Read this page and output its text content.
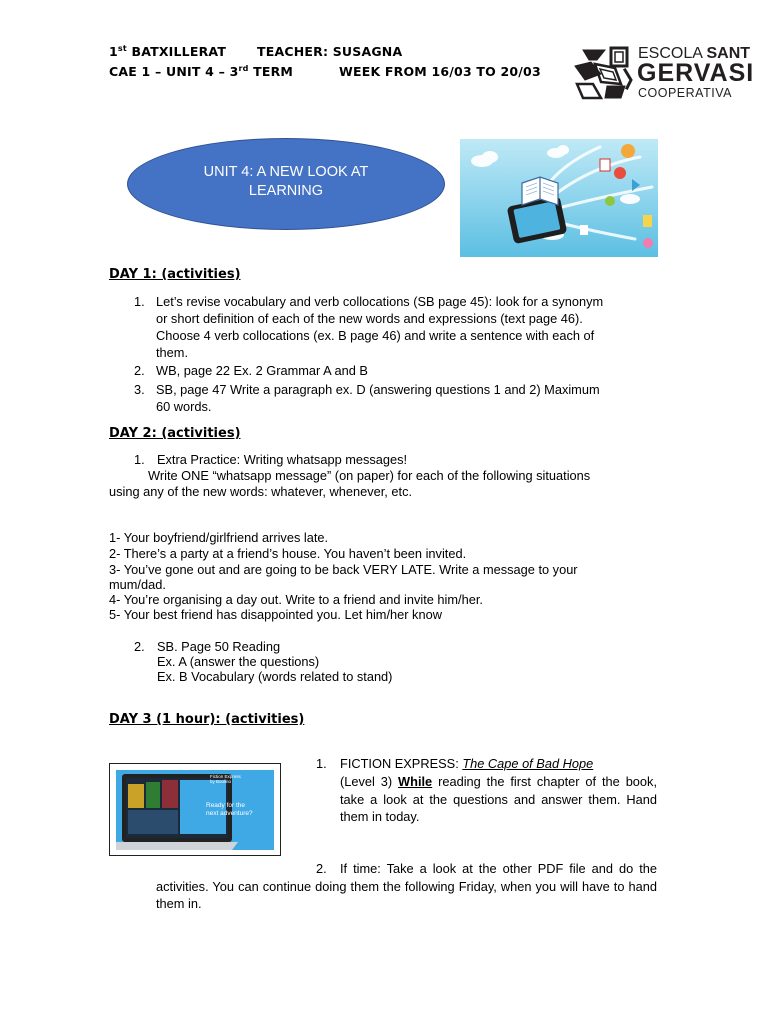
1st BATXILLERAT TEACHER: SUSAGNA
CAE 1 – UNIT 4 – 3rd TERM	WEEK FROM 16/03 TO 20/03
ESCOLA SANT
GERVASI
COOPERATIVA
UNIT 4: A NEW LOOK AT
LEARNING
DAY 1: (activities)
1. Let’s revise vocabulary and verb collocations (SB page 45): look for a synonym
or short definition of each of the new words and expressions (text page 46).
Choose 4 verb collocations (ex. B page 46) and write a sentence with each of
them.
2. WB, page 22 Ex. 2 Grammar A and B
3. SB, page 47 Write a paragraph ex. D (answering questions 1 and 2) Maximum
60 words.
DAY 2: (activities)
1. Extra Practice: Writing whatsapp messages!
Write ONE “whatsapp message” (on paper) for each of the following situations
using any of the new words: whatever, whenever, etc.
1- Your boyfriend/girlfriend arrives late.
2- There’s a party at a friend’s house. You haven’t been invited.
3- You’ve gone out and are going to be back VERY LATE. Write a message to your
mum/dad.
4- You’re organising a day out. Write to a friend and invite him/her.
5- Your best friend has disappointed you. Let him/her know
2. SB. Page 50 Reading
Ex. A (answer the questions)
Ex. B Vocabulary (words related to stand)
DAY 3 (1 hour): (activities)
Fiction Express
by Boolino
Ready for the
next adventure?
1. FICTION EXPRESS: The Cape of Bad Hope
(Level 3) While reading the first chapter of the book, take a look at the questions and answer them. Hand them in today.
2.	If time: Take a look at the other PDF file and do the activities. You can continue doing them the following Friday, when you will have to hand them in.
